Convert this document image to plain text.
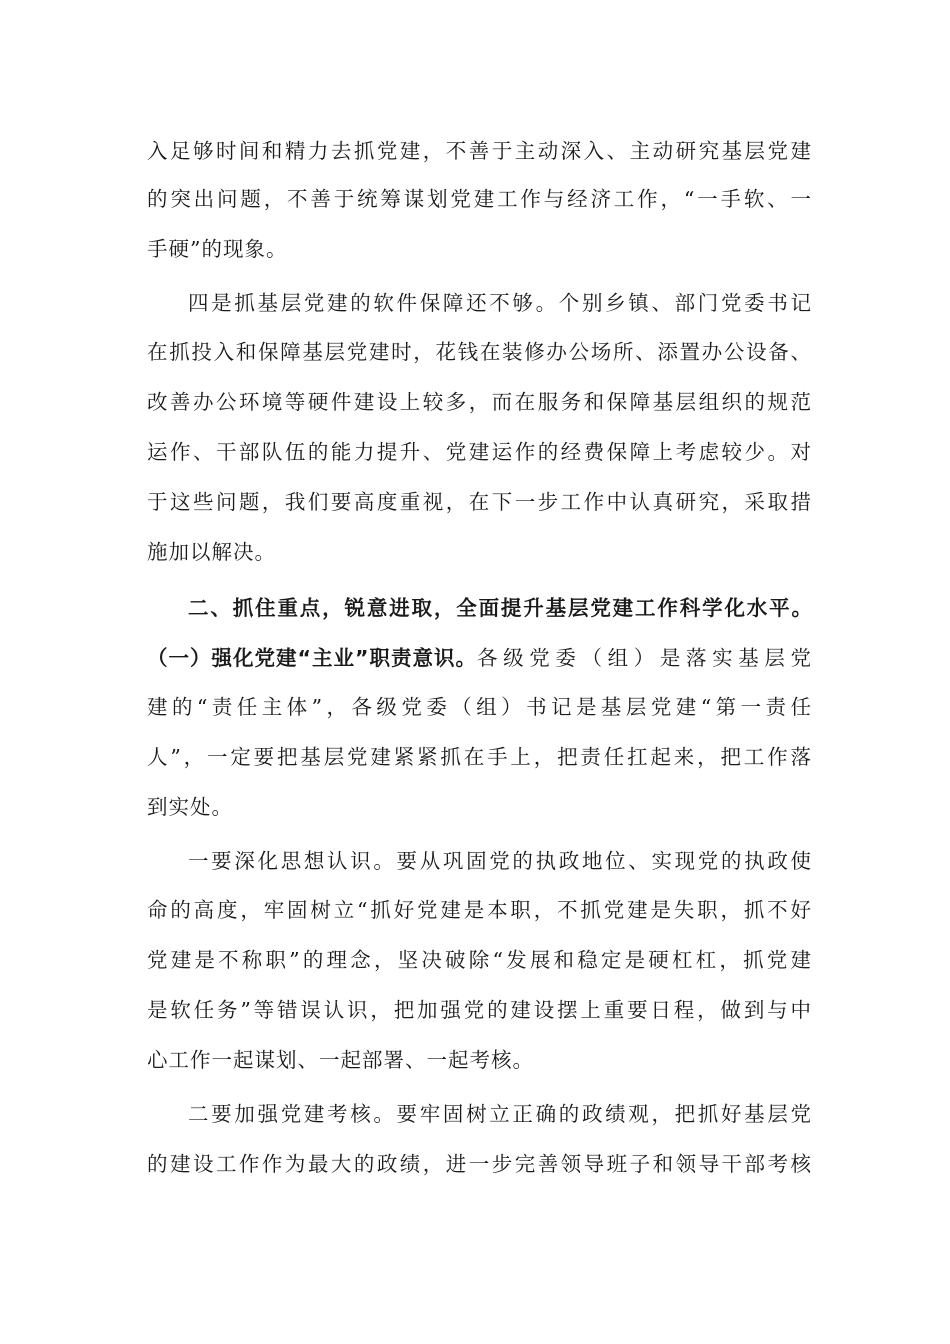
入足够时间和精力去抓党建，不善于主动深入、主动研究基层党建
的突出问题，不善于统筹谋划党建工作与经济工作，“一手软、一
手硬”的现象。
四是抓基层党建的软件保障还不够。个别乡镇、部门党委书记
在抓投入和保障基层党建时，花钱在装修办公场所、添置办公设备、
改善办公环境等硬件建设上较多，而在服务和保障基层组织的规范
运作、干部队伍的能力提升、党建运作的经费保障上考虑较少。对
于这些问题，我们要高度重视，在下一步工作中认真研究，采取措
施加以解决。
二、抓住重点，锐意进取，全面提升基层党建工作科学化水平。
（一）强化党建“主业”职责意识。 各级党委（组）是落实基层党
建的“责任主体”，各级党委（组）书记是基层党建“第一责任
人”，一定要把基层党建紧紧抓在手上，把责任扛起来，把工作落
到实处。
一要深化思想认识。要从巩固党的执政地位、实现党的执政使
命的高度，牢固树立“抓好党建是本职，不抓党建是失职，抓不好
党建是不称职”的理念，坚决破除“发展和稳定是硬杠杠，抓党建
是软任务”等错误认识，把加强党的建设摆上重要日程，做到与中
心工作一起谋划、一起部署、一起考核。
二要加强党建考核。要牢固树立正确的政绩观，把抓好基层党
的建设工作作为最大的政绩，进一步完善领导班子和领导干部考核
